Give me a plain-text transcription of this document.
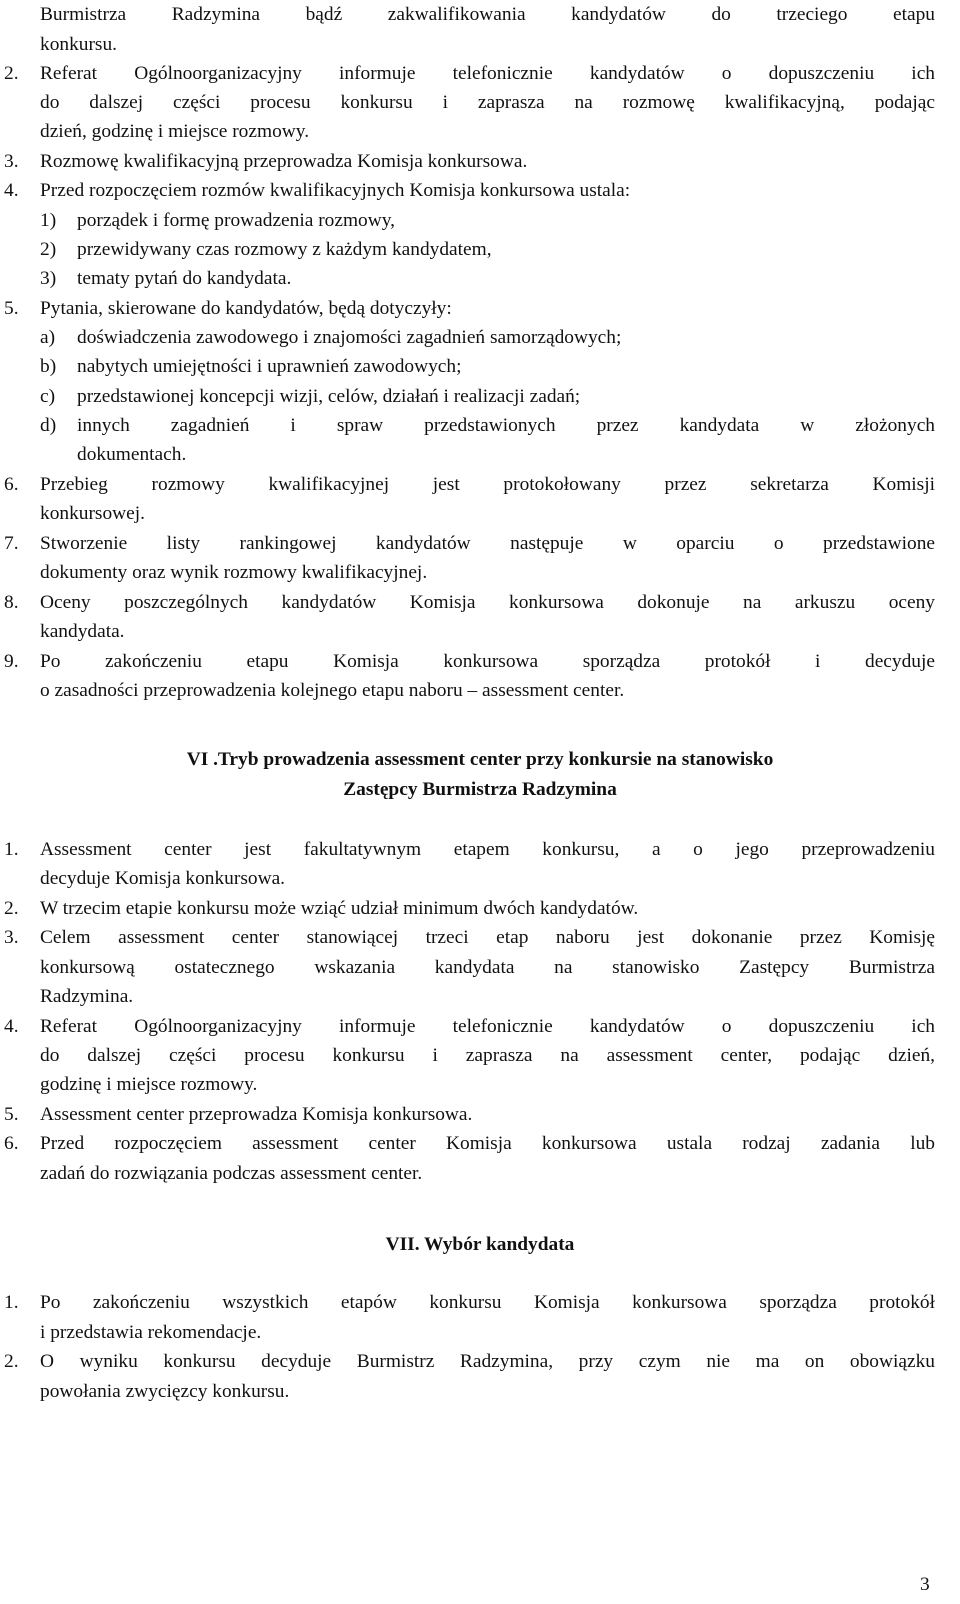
Burmistrza Radzymina bądź zakwalifikowania kandydatów do trzeciego etapu
konkursu.
2. Referat Ogólnoorganizacyjny informuje telefonicznie kandydatów o dopuszczeniu ich
do dalszej części procesu konkursu i zaprasza na rozmowę kwalifikacyjną, podając
dzień, godzinę i miejsce rozmowy.
3. Rozmowę kwalifikacyjną przeprowadza Komisja konkursowa.
4. Przed rozpoczęciem rozmów kwalifikacyjnych Komisja konkursowa ustala:
1) porządek i formę prowadzenia rozmowy,
2) przewidywany czas rozmowy z każdym kandydatem,
3) tematy pytań do kandydata.
5. Pytania, skierowane do kandydatów, będą dotyczyły:
a) doświadczenia zawodowego i znajomości zagadnień samorządowych;
b) nabytych umiejętności i uprawnień zawodowych;
c) przedstawionej koncepcji wizji, celów, działań i realizacji zadań;
d) innych zagadnień i spraw przedstawionych przez kandydata w złożonych
dokumentach.
6. Przebieg rozmowy kwalifikacyjnej jest protokołowany przez sekretarza Komisji
konkursowej.
7. Stworzenie listy rankingowej kandydatów następuje w oparciu o przedstawione
dokumenty oraz wynik rozmowy kwalifikacyjnej.
8. Oceny poszczególnych kandydatów Komisja konkursowa dokonuje na arkuszu oceny
kandydata.
9. Po zakończeniu etapu Komisja konkursowa sporządza protokół i decyduje
o zasadności przeprowadzenia kolejnego etapu naboru – assessment center.
VI .Tryb prowadzenia assessment center przy konkursie na stanowisko
Zastępcy Burmistrza Radzymina
1. Assessment center jest fakultatywnym etapem konkursu, a o jego przeprowadzeniu
decyduje Komisja konkursowa.
2. W trzecim etapie konkursu może wziąć udział minimum dwóch kandydatów.
3. Celem assessment center stanowiącej trzeci etap naboru jest dokonanie przez Komisję
konkursową ostatecznego wskazania kandydata na stanowisko Zastępcy Burmistrza
Radzymina.
4. Referat Ogólnoorganizacyjny informuje telefonicznie kandydatów o dopuszczeniu ich
do dalszej części procesu konkursu i zaprasza na assessment center, podając dzień,
godzinę i miejsce rozmowy.
5. Assessment center przeprowadza Komisja konkursowa.
6. Przed rozpoczęciem assessment center Komisja konkursowa ustala rodzaj zadania lub
zadań do rozwiązania podczas assessment center.
VII. Wybór kandydata
1. Po zakończeniu wszystkich etapów konkursu Komisja konkursowa sporządza protokół
i przedstawia rekomendacje.
2. O wyniku konkursu decyduje Burmistrz Radzymina, przy czym nie ma on obowiązku
powołania zwycięzcy konkursu.
3
